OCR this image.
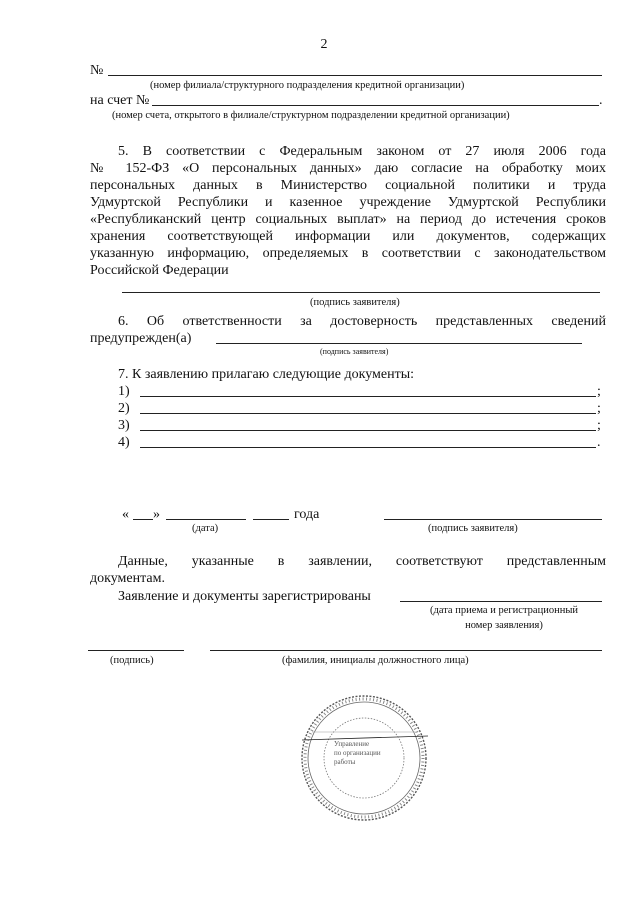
2
№
(номер филиала/структурного подразделения кредитной организации)
на счет №	.
(номер счета, открытого в филиале/структурном подразделении кредитной организации)
5. В соответствии с Федеральным законом от 27 июля 2006 года
№ 152-ФЗ «О персональных данных» даю согласие на обработку моих
персональных данных в Министерство социальной политики и труда
Удмуртской Республики и казенное учреждение Удмуртской Республики
«Республиканский центр социальных выплат» на период до истечения сроков
хранения соответствующей информации или документов, содержащих
указанную информацию, определяемых в соответствии с законодательством
Российской Федерации
(подпись заявителя)
6. Об ответственности за достоверность представленных сведений
предупрежден(а)
(подпись заявителя)
7. К заявлению прилагаю следующие документы:
1)	;
2)	;
3)	;
4)	.
« »	года
(дата)	(подпись заявителя)
Данные, указанные в заявлении, соответствуют представленным
документам.
Заявление и документы зарегистрированы
(дата приема и регистрационный
номер заявления)
(подпись)	(фамилия, инициалы должностного лица)
Управление
по организации
работы
